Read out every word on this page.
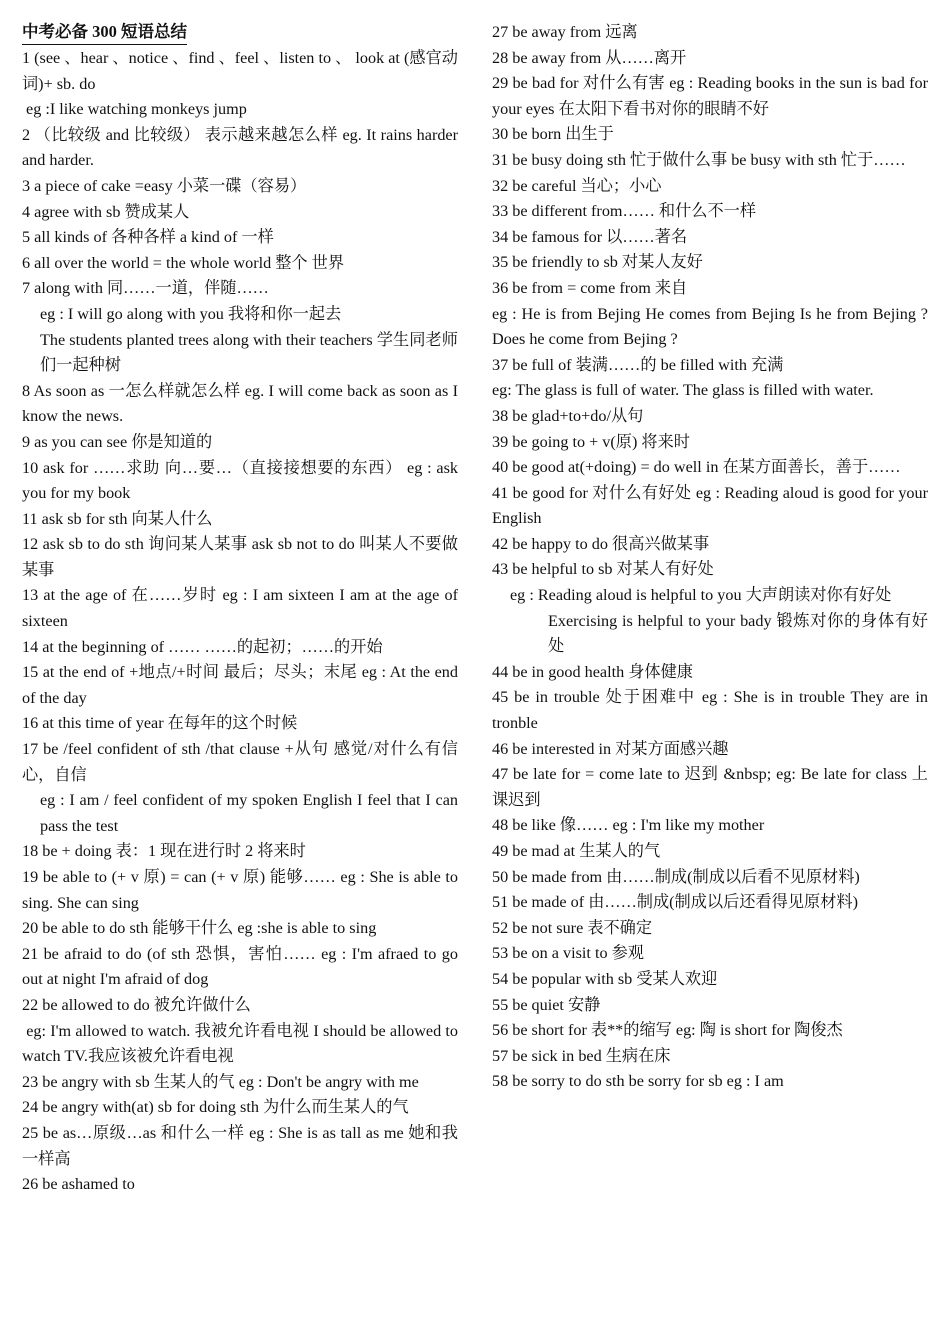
中考必备 300 短语总结
1 (see 、hear 、notice 、find 、feel 、listen to 、 look at (感官动词)+ sb. do
eg :I like watching monkeys jump
2 （比较级 and 比较级） 表示越来越怎么样 eg. It rains harder and harder.
3 a piece of cake =easy 小菜一碟（容易）
4 agree with sb 赞成某人
5 all kinds of 各种各样 a kind of 一样
6 all over the world = the whole world 整个 世界
7 along with 同……一道，伴随……
eg : I will go along with you 我将和你一起去
The students planted trees along with their teachers 学生同老师们一起种树
8 As soon as 一怎么样就怎么样 eg. I will come back as soon as I know the news.
9 as you can see 你是知道的
10 ask for ……求助 向…要…（直接接想要的东西） eg : ask you for my book
11 ask sb for sth 向某人什么
12 ask sb to do sth 询问某人某事 ask sb not to do 叫某人不要做某事
13 at the age of 在……岁时 eg : I am sixteen I am at the age of sixteen
14 at the beginning of …… ……的起初；……的开始
15 at the end of +地点/+时间 最后；尽头；末尾 eg : At the end of the day
16 at this time of year 在每年的这个时候
17 be /feel confident of sth /that clause +从句 感觉/对什么有信心，自信
eg : I am / feel confident of my spoken English I feel that I can pass the test
18 be + doing 表：1 现在进行时 2 将来时
19 be able to (+ v 原) = can (+ v 原) 能够…… eg : She is able to sing. She can sing
20 be able to do sth 能够干什么 eg :she is able to sing
21 be afraid to do (of sth 恐惧，害怕…… eg : I'm afraed to go out at night I'm afraid of dog
22 be allowed to do 被允许做什么
eg: I'm allowed to watch. 我被允许看电视 I should be allowed to watch TV.我应该被允许看电视
23 be angry with sb 生某人的气 eg : Don't be angry with me
24 be angry with(at) sb for doing sth 为什么而生某人的气
25 be as…原级…as 和什么一样 eg : She is as tall as me 她和我一样高
26 be ashamed to
27 be away from 远离
28 be away from 从……离开
29 be bad for 对什么有害 eg : Reading books in the sun is bad for your eyes 在太阳下看书对你的眼睛不好
30 be born 出生于
31 be busy doing sth 忙于做什么事 be busy with sth 忙于……
32 be careful 当心；小心
33 be different from…… 和什么不一样
34 be famous for 以……著名
35 be friendly to sb 对某人友好
36 be from = come from 来自
eg : He is from Bejing He comes from Bejing Is he from Bejing ? Does he come from Bejing ?
37 be full of 装满……的 be filled with 充满
eg: The glass is full of water. The glass is filled with water.
38 be glad+to+do/从句
39 be going to + v(原) 将来时
40 be good at(+doing) = do well in 在某方面善长，善于……
41 be good for 对什么有好处 eg : Reading aloud is good for your English
42 be happy to do 很高兴做某事
43 be helpful to sb 对某人有好处
eg : Reading aloud is helpful to you 大声朗读对你有好处
Exercising is helpful to your bady 锻炼对你的身体有好处
44 be in good health 身体健康
45 be in trouble 处于困难中 eg : She is in trouble They are in tronble
46 be interested in 对某方面感兴趣
47 be late for = come late to 迟到 &nbsp; eg: Be late for class 上课迟到
48 be like 像…… eg : I'm like my mother
49 be mad at 生某人的气
50 be made from 由……制成(制成以后看不见原材料)
51 be made of 由……制成(制成以后还看得见原材料)
52 be not sure 表不确定
53 be on a visit to 参观
54 be popular with sb 受某人欢迎
55 be quiet 安静
56 be short for 表**的缩写 eg: 陶 is short for 陶俊杰
57 be sick in bed 生病在床
58 be sorry to do sth be sorry for sb eg : I am
